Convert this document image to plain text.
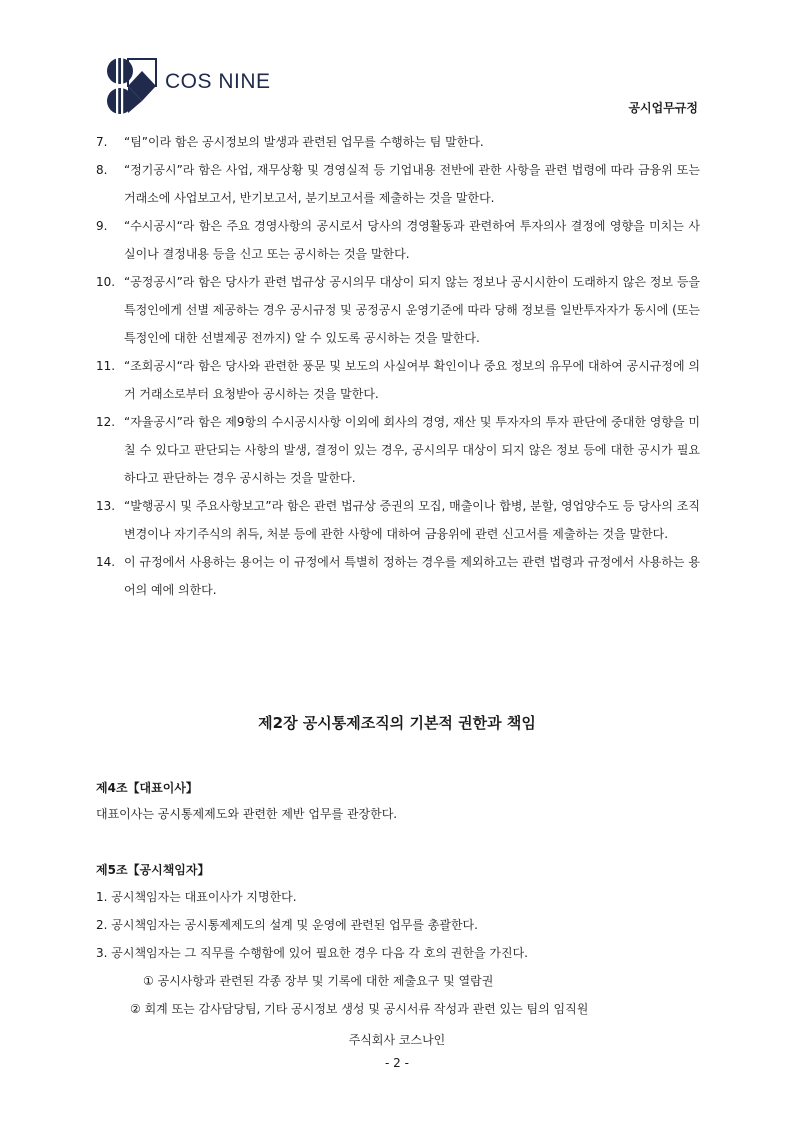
COS NINE
공시업무규정
7. “팀”이라 함은 공시정보의 발생과 관련된 업무를 수행하는 팀 말한다.
8. “정기공시”라 함은 사업, 재무상황 및 경영실적 등 기업내용 전반에 관한 사항을 관련 법령에 따라 금융위 또는 거래소에 사업보고서, 반기보고서, 분기보고서를 제출하는 것을 말한다.
9. “수시공시“라 함은 주요 경영사항의 공시로서 당사의 경영활동과 관련하여 투자의사 결정에 영향을 미치는 사실이나 결정내용 등을 신고 또는 공시하는 것을 말한다.
10. “공정공시”라 함은 당사가 관련 법규상 공시의무 대상이 되지 않는 정보나 공시시한이 도래하지 않은 정보 등을 특정인에게 선별 제공하는 경우 공시규정 및 공정공시 운영기준에 따라 당해 정보를 일반투자자가 동시에 (또는 특정인에 대한 선별제공 전까지) 알 수 있도록 공시하는 것을 말한다.
11. “조회공시“라 함은 당사와 관련한 풍문 및 보도의 사실여부 확인이나 중요 정보의 유무에 대하여 공시규정에 의거 거래소로부터 요청받아 공시하는 것을 말한다.
12. “자율공시”라 함은 제9항의 수시공시사항 이외에 회사의 경영, 재산 및 투자자의 투자 판단에 중대한 영향을 미칠 수 있다고 판단되는 사항의 발생, 결정이 있는 경우, 공시의무 대상이 되지 않은 정보 등에 대한 공시가 필요하다고 판단하는 경우 공시하는 것을 말한다.
13. “발행공시 및 주요사항보고”라 함은 관련 법규상 증권의 모집, 매출이나 합병, 분할, 영업양수도 등 당사의 조직변경이나 자기주식의 취득, 처분 등에 관한 사항에 대하여 금융위에 관련 신고서를 제출하는 것을 말한다.
14. 이 규정에서 사용하는 용어는 이 규정에서 특별히 정하는 경우를 제외하고는 관련 법령과 규정에서 사용하는 용어의 예에 의한다.
제2장 공시통제조직의 기본적 권한과 책임
제4조【대표이사】
대표이사는 공시통제제도와 관련한 제반 업무를 관장한다.
제5조【공시책임자】
1. 공시책임자는 대표이사가 지명한다.
2. 공시책임자는 공시통제제도의 설계 및 운영에 관련된 업무를 총괄한다.
3. 공시책임자는 그 직무를 수행함에 있어 필요한 경우 다음 각 호의 권한을 가진다.
① 공시사항과 관련된 각종 장부 및 기록에 대한 제출요구 및 열람권
② 회계 또는 감사담당팀, 기타 공시정보 생성 및 공시서류 작성과 관련 있는 팀의 임직원
주식회사 코스나인
- 2 -
